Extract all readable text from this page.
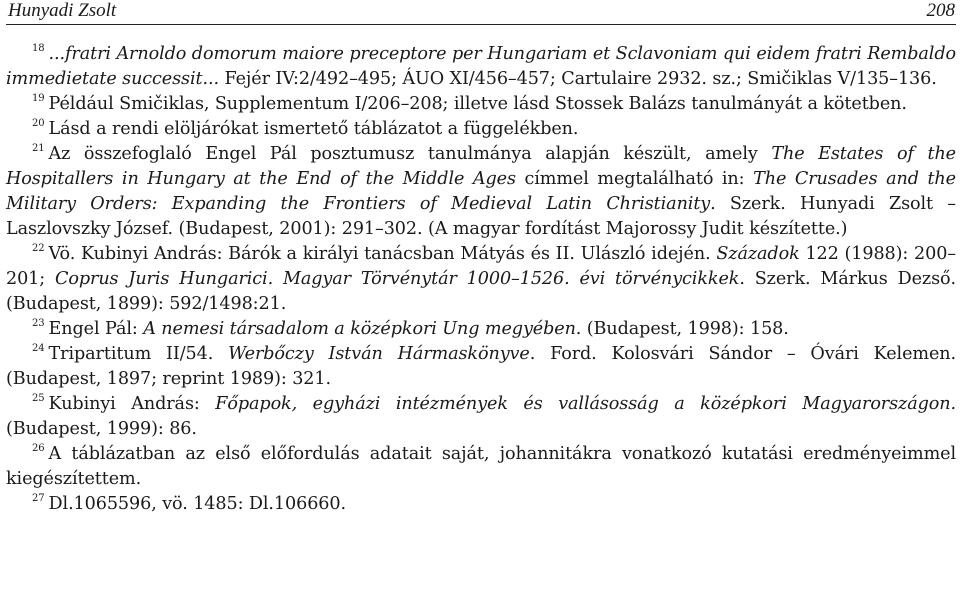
Hunyadi Zsolt	208

$^{18}$ ...fratri Arnoldo domorum maiore preceptore per Hungariam et Sclavoniam qui eidem fratri Rembaldo immedietate successit... Fejér IV:2/492–495; ÁUO XI/456–457; Cartulaire 2932. sz.; Smičiklas V/135–136.

$^{19}$ Például Smičiklas, Supplementum I/206–208; illetve lásd Stossek Balázs tanulmányát a kötetben.

$^{20}$ Lásd a rendi elöljárókat ismertető táblázatot a függelékben.

$^{21}$ Az összefoglaló Engel Pál posztumusz tanulmánya alapján készült, amely The Estates of the Hospitallers in Hungary at the End of the Middle Ages címmel megtalálható in: The Crusades and the Military Orders: Expanding the Frontiers of Medieval Latin Christianity. Szerk. Hunyadi Zsolt – Laszlovszky József. (Budapest, 2001): 291–302. (A magyar fordítást Majorossy Judit készítette.)

$^{22}$ Vö. Kubinyi András: Bárók a királyi tanácsban Mátyás és II. Ulászló idején. Századok 122 (1988): 200–201; Coprus Juris Hungarici. Magyar Törvénytár 1000–1526. évi törvénycikkek. Szerk. Márkus Dezső. (Budapest, 1899): 592/1498:21.

$^{23}$ Engel Pál: A nemesi társadalom a középkori Ung megyében. (Budapest, 1998): 158.

$^{24}$ Tripartitum II/54. Werbőczy István Hármaskönyve. Ford. Kolosvári Sándor – Óvári Kelemen. (Budapest, 1897; reprint 1989): 321.

$^{25}$ Kubinyi András: Főpapok, egyházi intézmények és vallásosság a középkori Magyarországon. (Budapest, 1999): 86.

$^{26}$ A táblázatban az első előfordulás adatait saját, johannitákra vonatkozó kutatási eredményeimmel kiegészítettem.

$^{27}$ Dl.1065596, vö. 1485: Dl.106660.
